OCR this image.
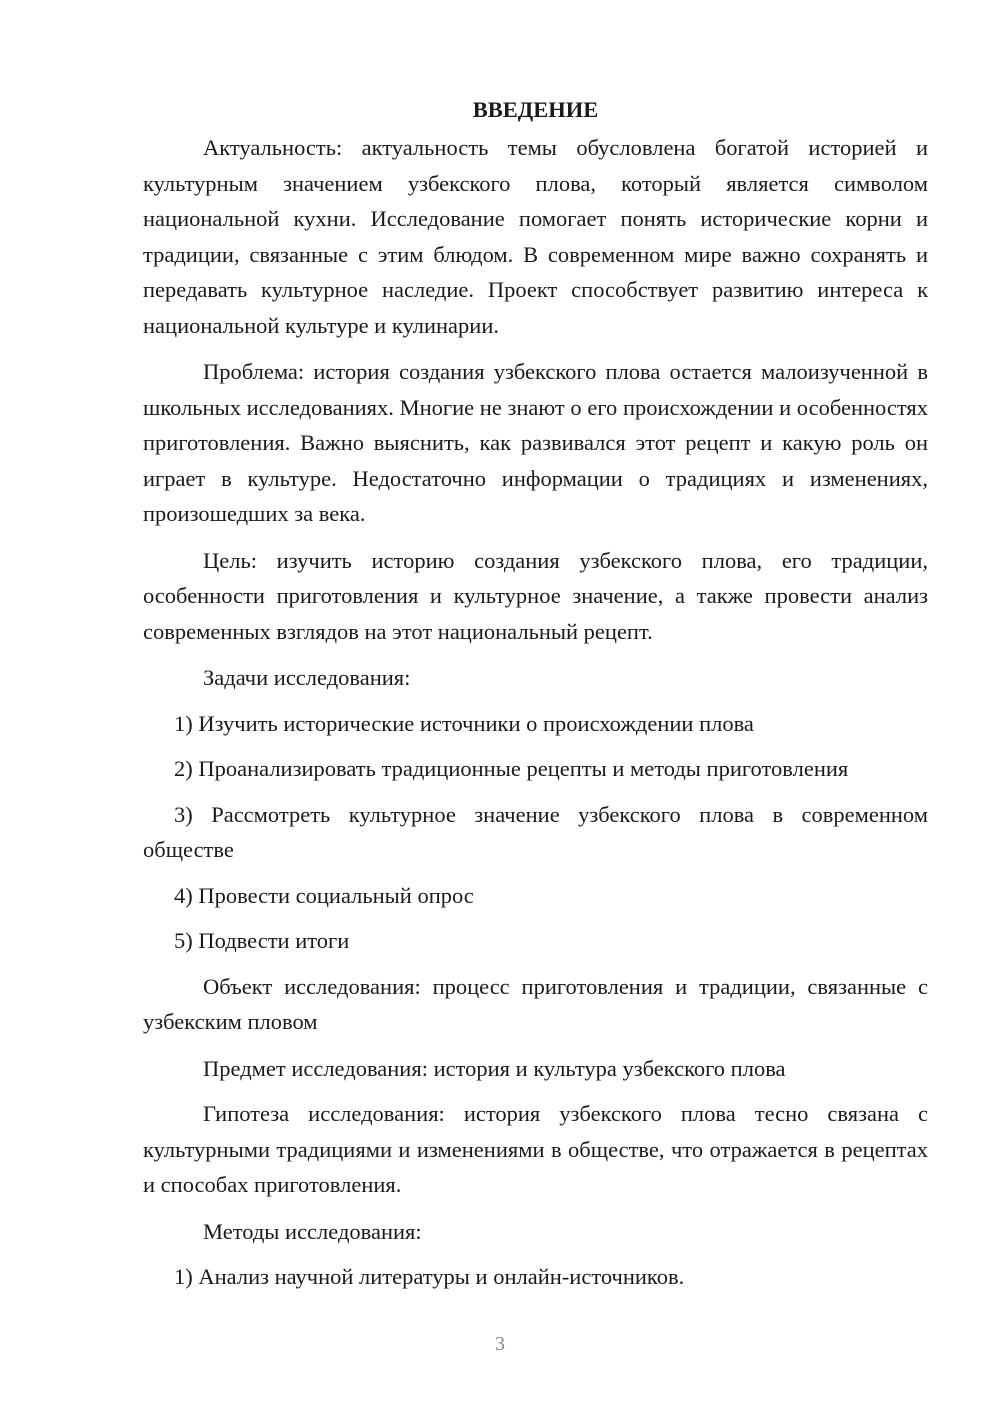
ВВЕДЕНИЕ

Актуальность: актуальность темы обусловлена богатой историей и культурным значением узбекского плова, который является символом национальной кухни. Исследование помогает понять исторические корни и традиции, связанные с этим блюдом. В современном мире важно сохранять и передавать культурное наследие. Проект способствует развитию интереса к национальной культуре и кулинарии.

Проблема: история создания узбекского плова остается малоизученной в школьных исследованиях. Многие не знают о его происхождении и особенностях приготовления. Важно выяснить, как развивался этот рецепт и какую роль он играет в культуре. Недостаточно информации о традициях и изменениях, произошедших за века.

Цель: изучить историю создания узбекского плова, его традиции, особенности приготовления и культурное значение, а также провести анализ современных взглядов на этот национальный рецепт.

Задачи исследования:

1) Изучить исторические источники о происхождении плова

2) Проанализировать традиционные рецепты и методы приготовления

3) Рассмотреть культурное значение узбекского плова в современном обществе

4) Провести социальный опрос

5) Подвести итоги

Объект исследования: процесс приготовления и традиции, связанные с узбекским пловом

Предмет исследования: история и культура узбекского плова

Гипотеза исследования: история узбекского плова тесно связана с культурными традициями и изменениями в обществе, что отражается в рецептах и способах приготовления.

Методы исследования:

1) Анализ научной литературы и онлайн-источников.

3
